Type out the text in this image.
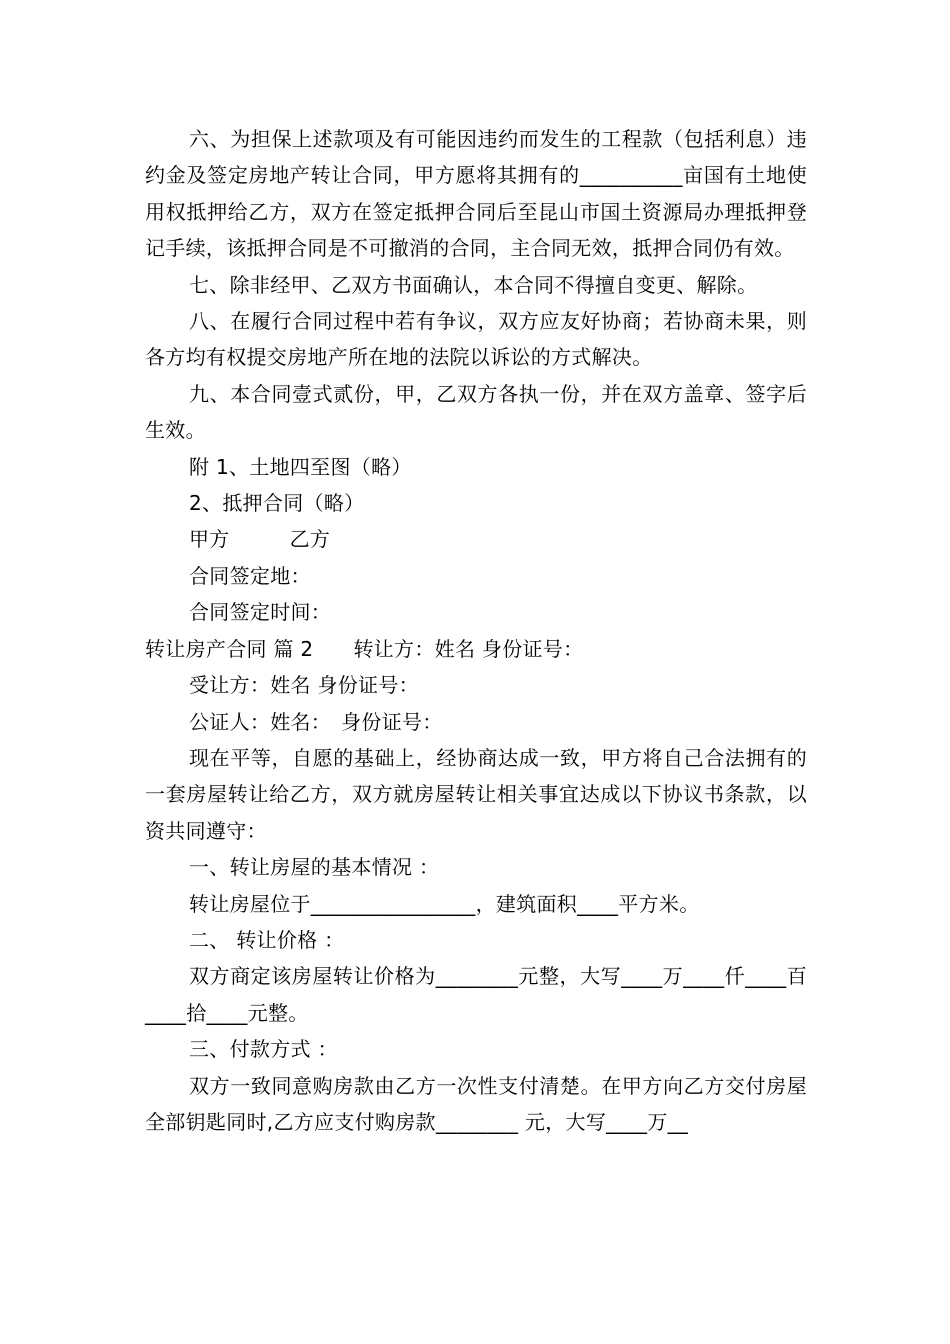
六、为担保上述款项及有可能因违约而发生的工程款（包括利息）违约金及签定房地产转让合同，甲方愿将其拥有的__________亩国有土地使用权抵押给乙方，双方在签定抵押合同后至昆山市国土资源局办理抵押登记手续，该抵押合同是不可撤消的合同，主合同无效，抵押合同仍有效。

七、除非经甲、乙双方书面确认，本合同不得擅自变更、解除。

八、在履行合同过程中若有争议，双方应友好协商；若协商未果，则各方均有权提交房地产所在地的法院以诉讼的方式解决。

九、本合同壹式贰份，甲，乙双方各执一份，并在双方盖章、签字后生效。

附 1、土地四至图（略）

2、抵押合同（略）

甲方	乙方

合同签定地：

合同签定时间：

转让房产合同 篇 2 转让方：姓名 身份证号：

受让方：姓名 身份证号：

公证人：姓名： 身份证号：

现在平等，自愿的基础上，经协商达成一致，甲方将自己合法拥有的一套房屋转让给乙方，双方就房屋转让相关事宜达成以下协议书条款，以资共同遵守：

一、转让房屋的基本情况 ：

转让房屋位于________________，建筑面积____平方米。

二、 转让价格 ：

双方商定该房屋转让价格为________元整，大写____万____仟____百____拾____元整。

三、付款方式 ：

双方一致同意购房款由乙方一次性支付清楚。在甲方向乙方交付房屋全部钥匙同时,乙方应支付购房款________ 元，大写____万__
